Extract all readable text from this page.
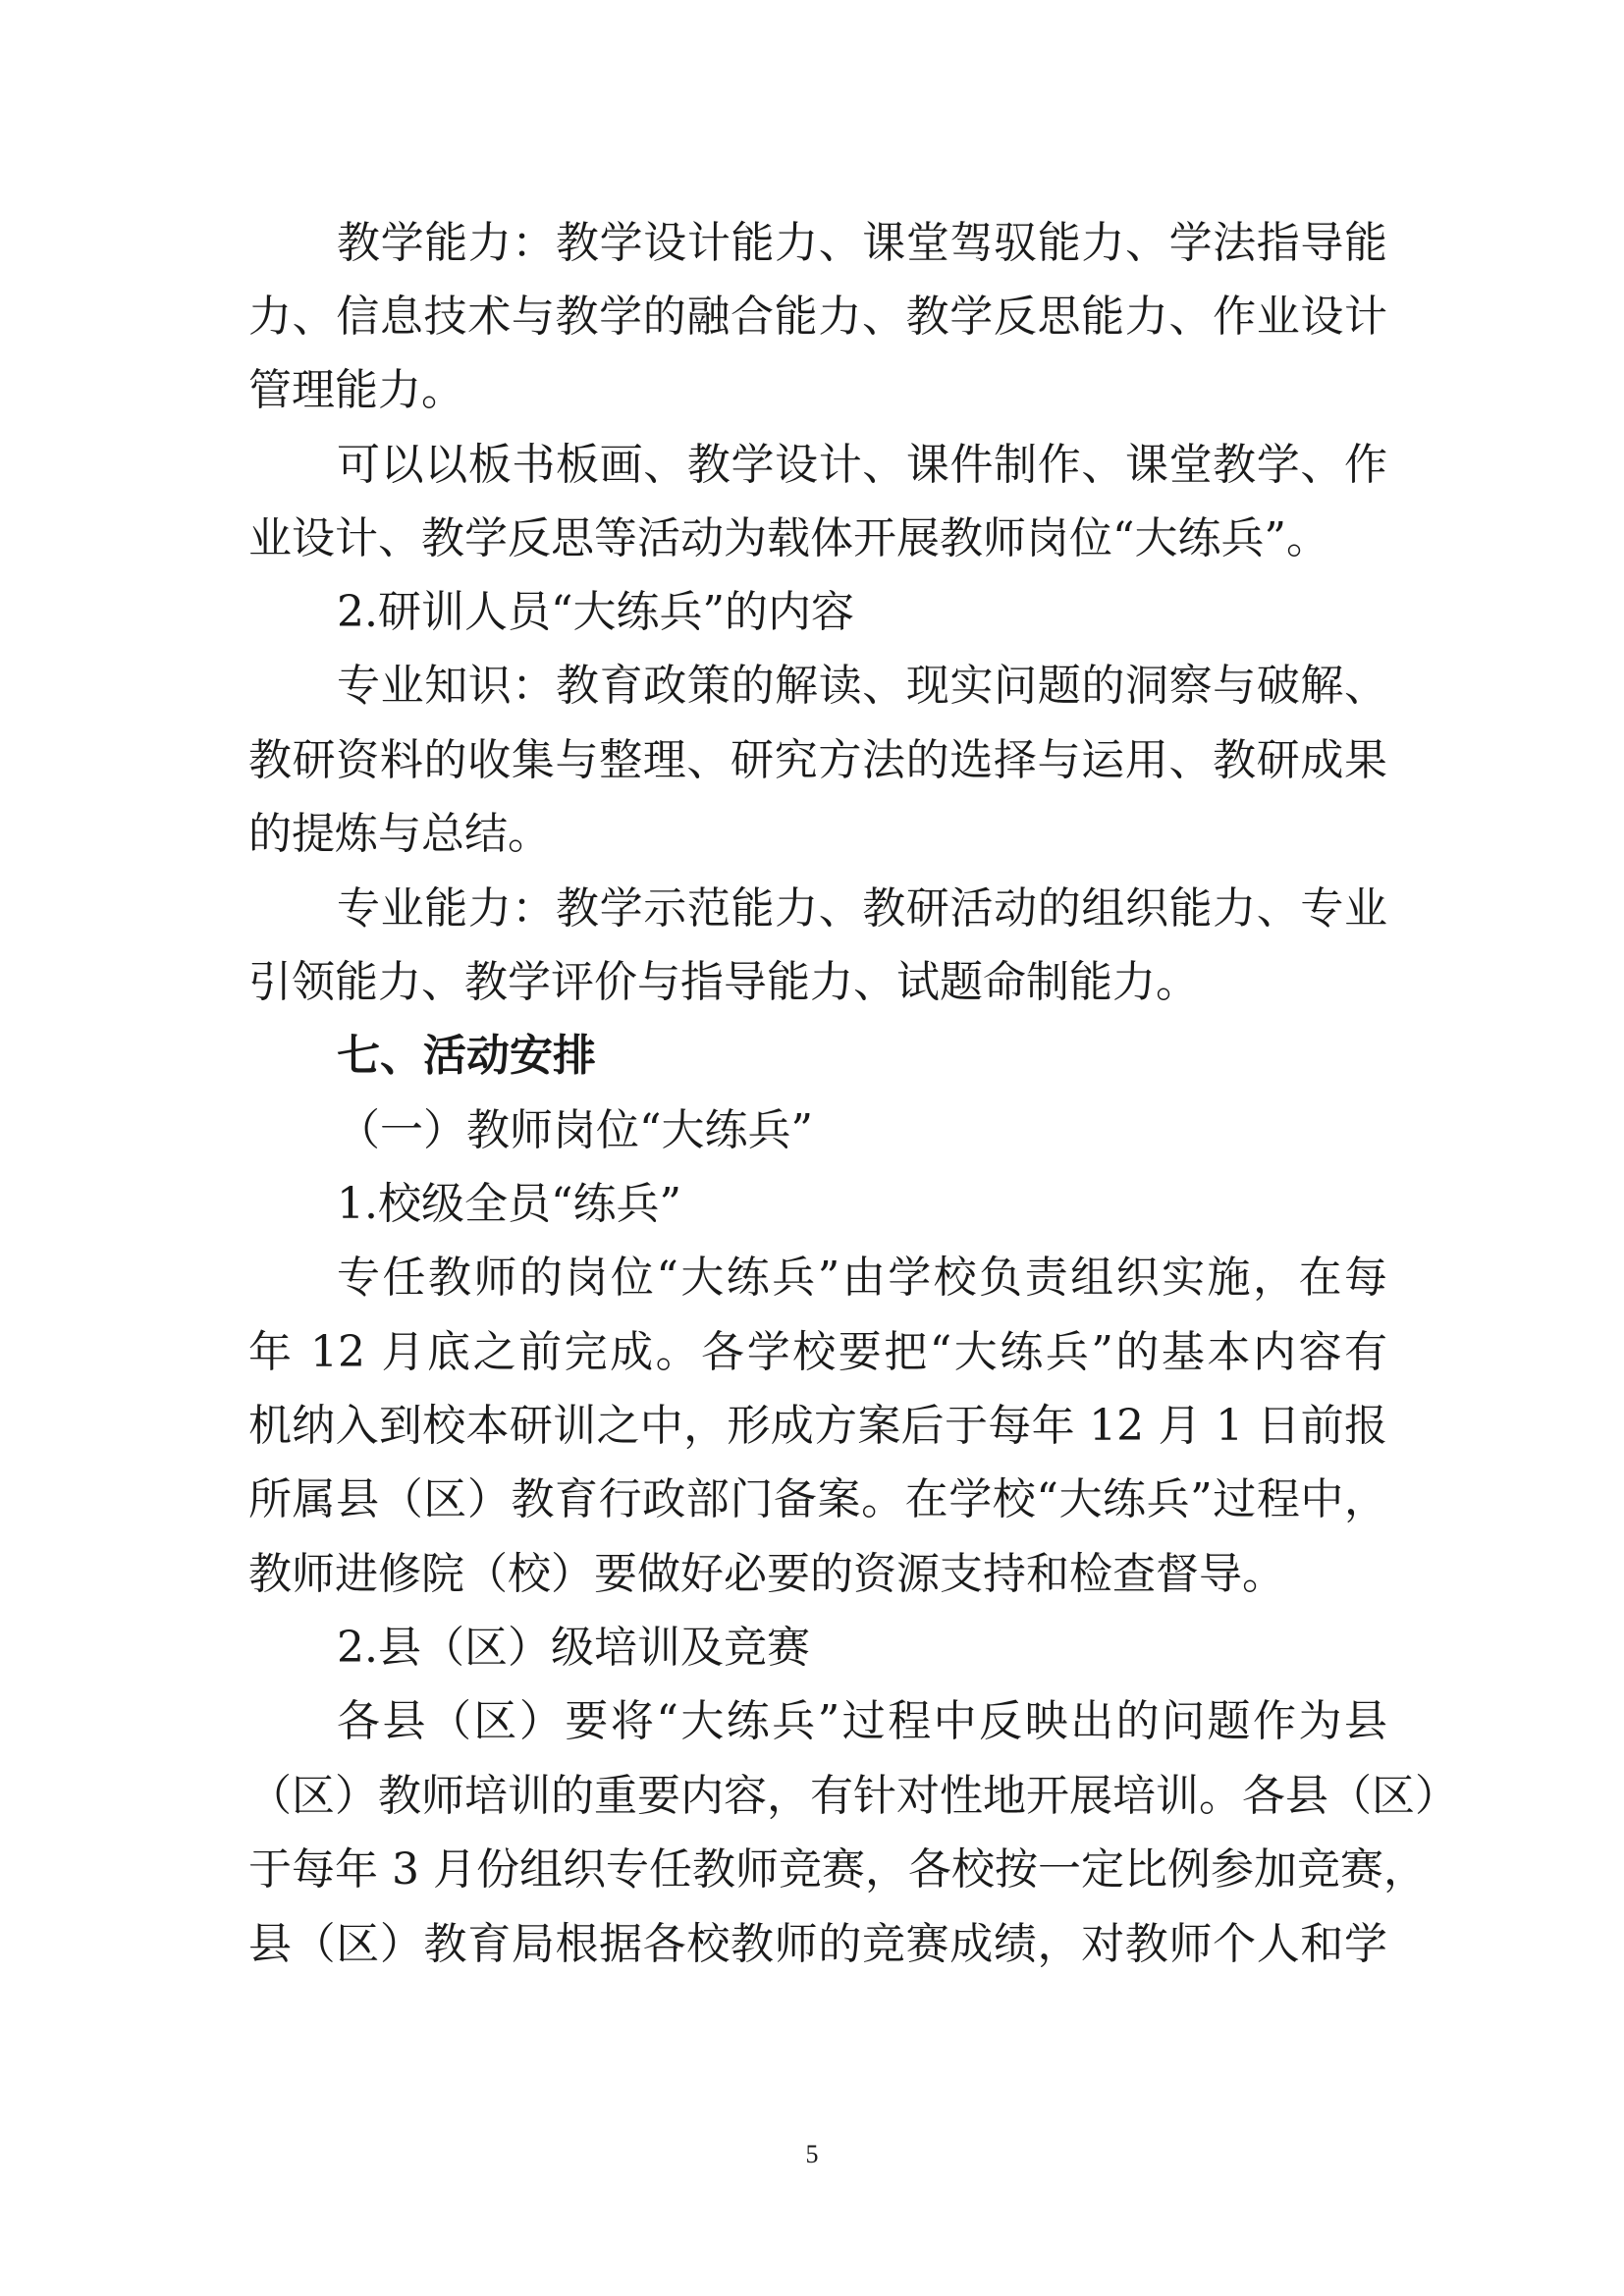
教学能力：教学设计能力、课堂驾驭能力、学法指导能
力、信息技术与教学的融合能力、教学反思能力、作业设计
管理能力。
可以以板书板画、教学设计、课件制作、课堂教学、作
业设计、教学反思等活动为载体开展教师岗位“大练兵”。
2.研训人员“大练兵”的内容
专业知识：教育政策的解读、现实问题的洞察与破解、
教研资料的收集与整理、研究方法的选择与运用、教研成果
的提炼与总结。
专业能力：教学示范能力、教研活动的组织能力、专业
引领能力、教学评价与指导能力、试题命制能力。
七、活动安排
（一）教师岗位“大练兵”
1.校级全员“练兵”
专任教师的岗位“大练兵”由学校负责组织实施，在每
年 12 月底之前完成。各学校要把“大练兵”的基本内容有
机纳入到校本研训之中，形成方案后于每年 12 月 1 日前报
所属县（区）教育行政部门备案。在学校“大练兵”过程中，
教师进修院（校）要做好必要的资源支持和检查督导。
2.县（区）级培训及竞赛
各县（区）要将“大练兵”过程中反映出的问题作为县
（区）教师培训的重要内容，有针对性地开展培训。各县（区）
于每年 3 月份组织专任教师竞赛，各校按一定比例参加竞赛，
县（区）教育局根据各校教师的竞赛成绩，对教师个人和学
5
